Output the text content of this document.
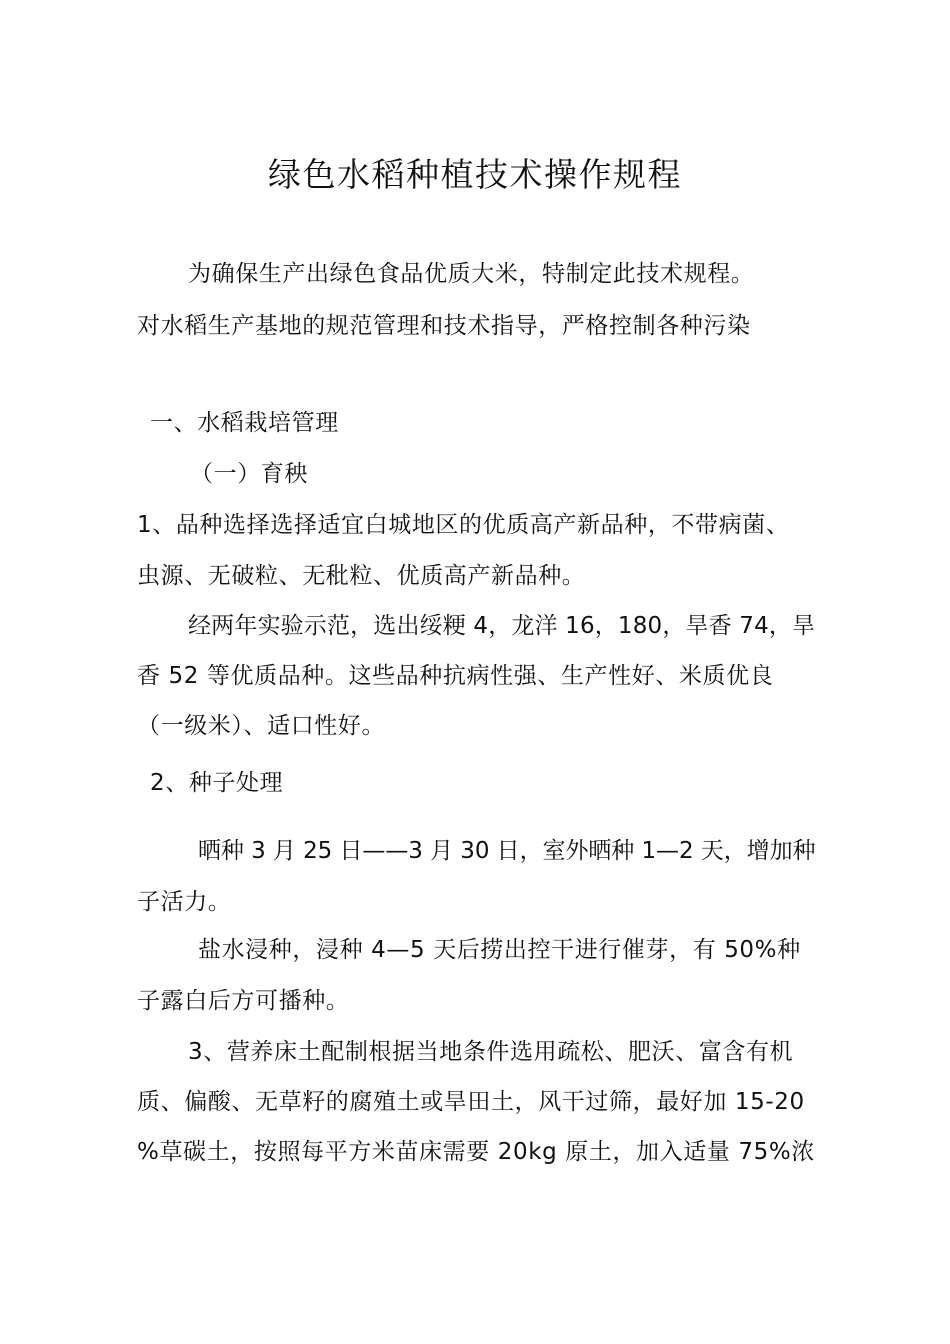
绿色水稻种植技术操作规程
为确保生产出绿色食品优质大米，特制定此技术规程。
对水稻生产基地的规范管理和技术指导，严格控制各种污染
一、水稻栽培管理
（一）育秧
1、品种选择选择适宜白城地区的优质高产新品种，不带病菌、
虫源、无破粒、无秕粒、优质高产新品种。
经两年实验示范，选出绥粳 4，龙洋 16，180，旱香 74，旱
香 52 等优质品种。这些品种抗病性强、生产性好、米质优良
（一级米）、适口性好。
2、种子处理
晒种 3 月 25 日——3 月 30 日，室外晒种 1—2 天，增加种
子活力。
盐水浸种，浸种 4—5 天后捞出控干进行催芽，有 50%种
子露白后方可播种。
3、营养床土配制根据当地条件选用疏松、肥沃、富含有机
质、偏酸、无草籽的腐殖土或旱田土，风干过筛，最好加 15-20
%草碳土，按照每平方米苗床需要 20kg 原土，加入适量 75%浓
